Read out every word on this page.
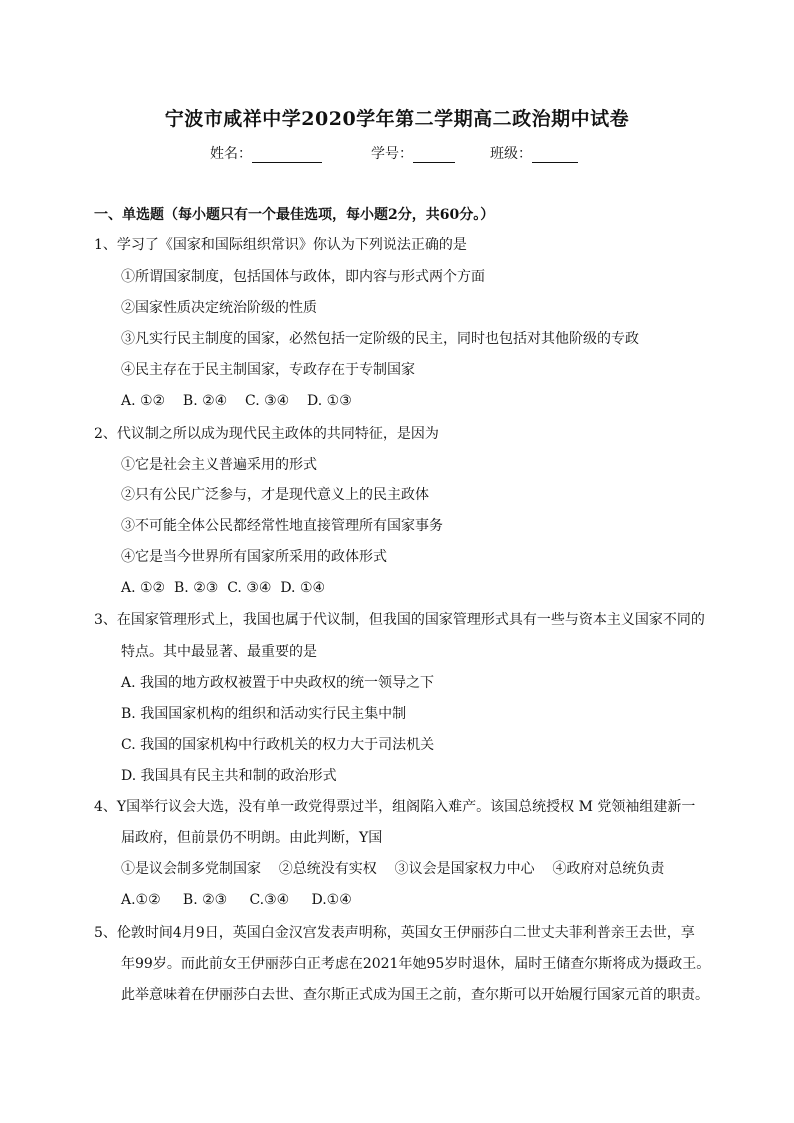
宁波市咸祥中学2020学年第二学期高二政治期中试卷
姓名：	学号：	班级：
一、单选题（每小题只有一个最佳选项，每小题2分，共60分。）
1、学习了《国家和国际组织常识》你认为下列说法正确的是
①所谓国家制度，包括国体与政体，即内容与形式两个方面
②国家性质决定统治阶级的性质
③凡实行民主制度的国家，必然包括一定阶级的民主，同时也包括对其他阶级的专政
④民主存在于民主制国家，专政存在于专制国家
A. ①②    B. ②④    C. ③④    D. ①③
2、代议制之所以成为现代民主政体的共同特征，是因为
①它是社会主义普遍采用的形式
②只有公民广泛参与，才是现代意义上的民主政体
③不可能全体公民都经常性地直接管理所有国家事务
④它是当今世界所有国家所采用的政体形式
A. ①②  B. ②③  C. ③④  D. ①④
3、在国家管理形式上，我国也属于代议制，但我国的国家管理形式具有一些与资本主义国家不同的
特点。其中最显著、最重要的是
A. 我国的地方政权被置于中央政权的统一领导之下
B. 我国国家机构的组织和活动实行民主集中制
C. 我国的国家机构中行政机关的权力大于司法机关
D. 我国具有民主共和制的政治形式
4、Y国举行议会大选，没有单一政党得票过半，组阁陷入难产。该国总统授权 M 党领袖组建新一
届政府，但前景仍不明朗。由此判断，Y国
①是议会制多党制国家    ②总统没有实权    ③议会是国家权力中心    ④政府对总统负责
A.①②     B. ②③     C.③④     D.①④
5、伦敦时间4月9日，英国白金汉宫发表声明称，英国女王伊丽莎白二世丈夫菲利普亲王去世，享
年99岁。而此前女王伊丽莎白正考虑在2021年她95岁时退休，届时王储查尔斯将成为摄政王。
此举意味着在伊丽莎白去世、查尔斯正式成为国王之前，查尔斯可以开始履行国家元首的职责。
